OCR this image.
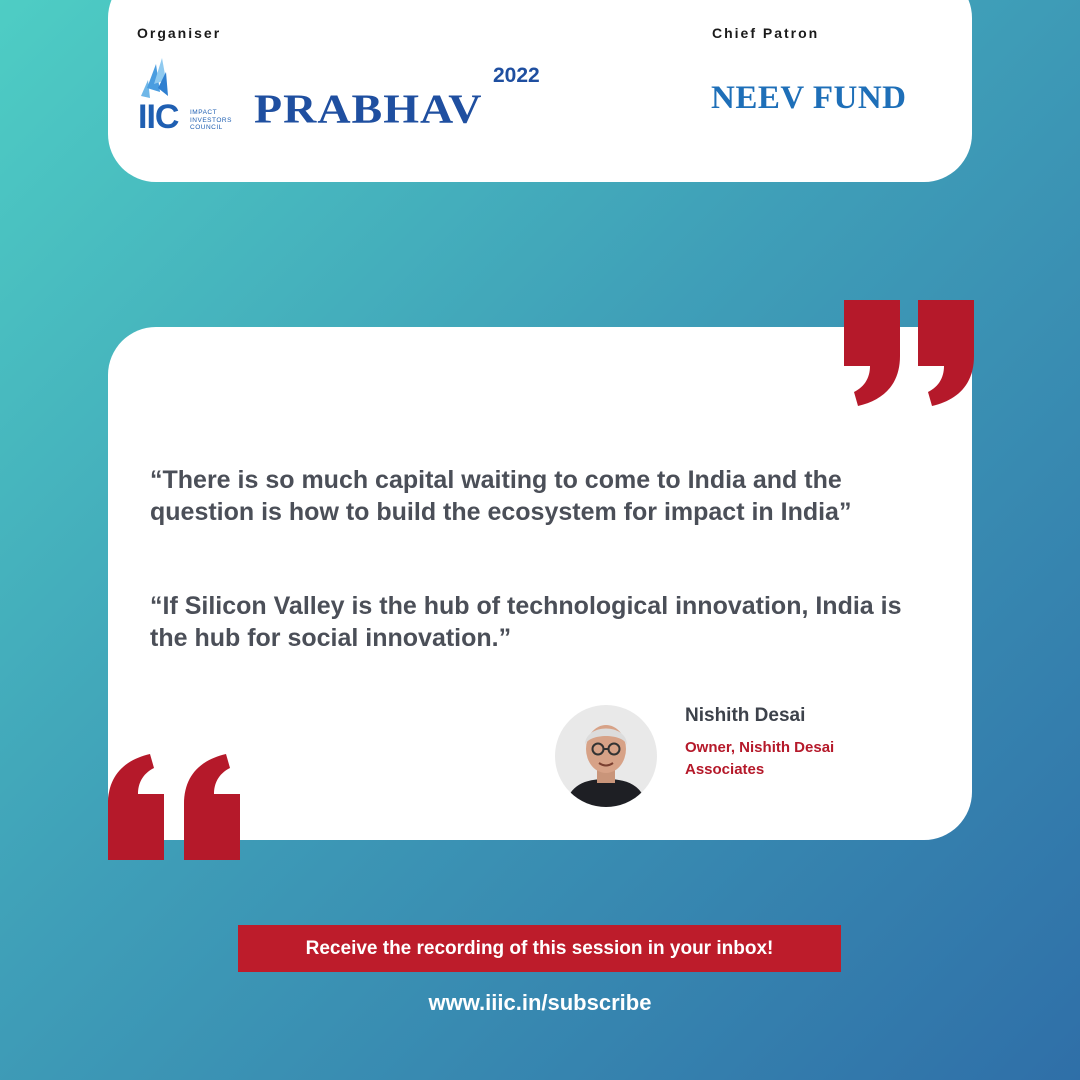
Organiser	Chief Patron
IIC IMPACT INVESTORS COUNCIL PRABHAV
2022
NEEV FUND
“There is so much capital waiting to come to India and the question is how to build the ecosystem for impact in India”
“If Silicon Valley is the hub of technological innovation, India is the hub for social innovation.”
Nishith Desai
Owner, Nishith Desai Associates
Receive the recording of this session in your inbox!
www.iiic.in/subscribe
